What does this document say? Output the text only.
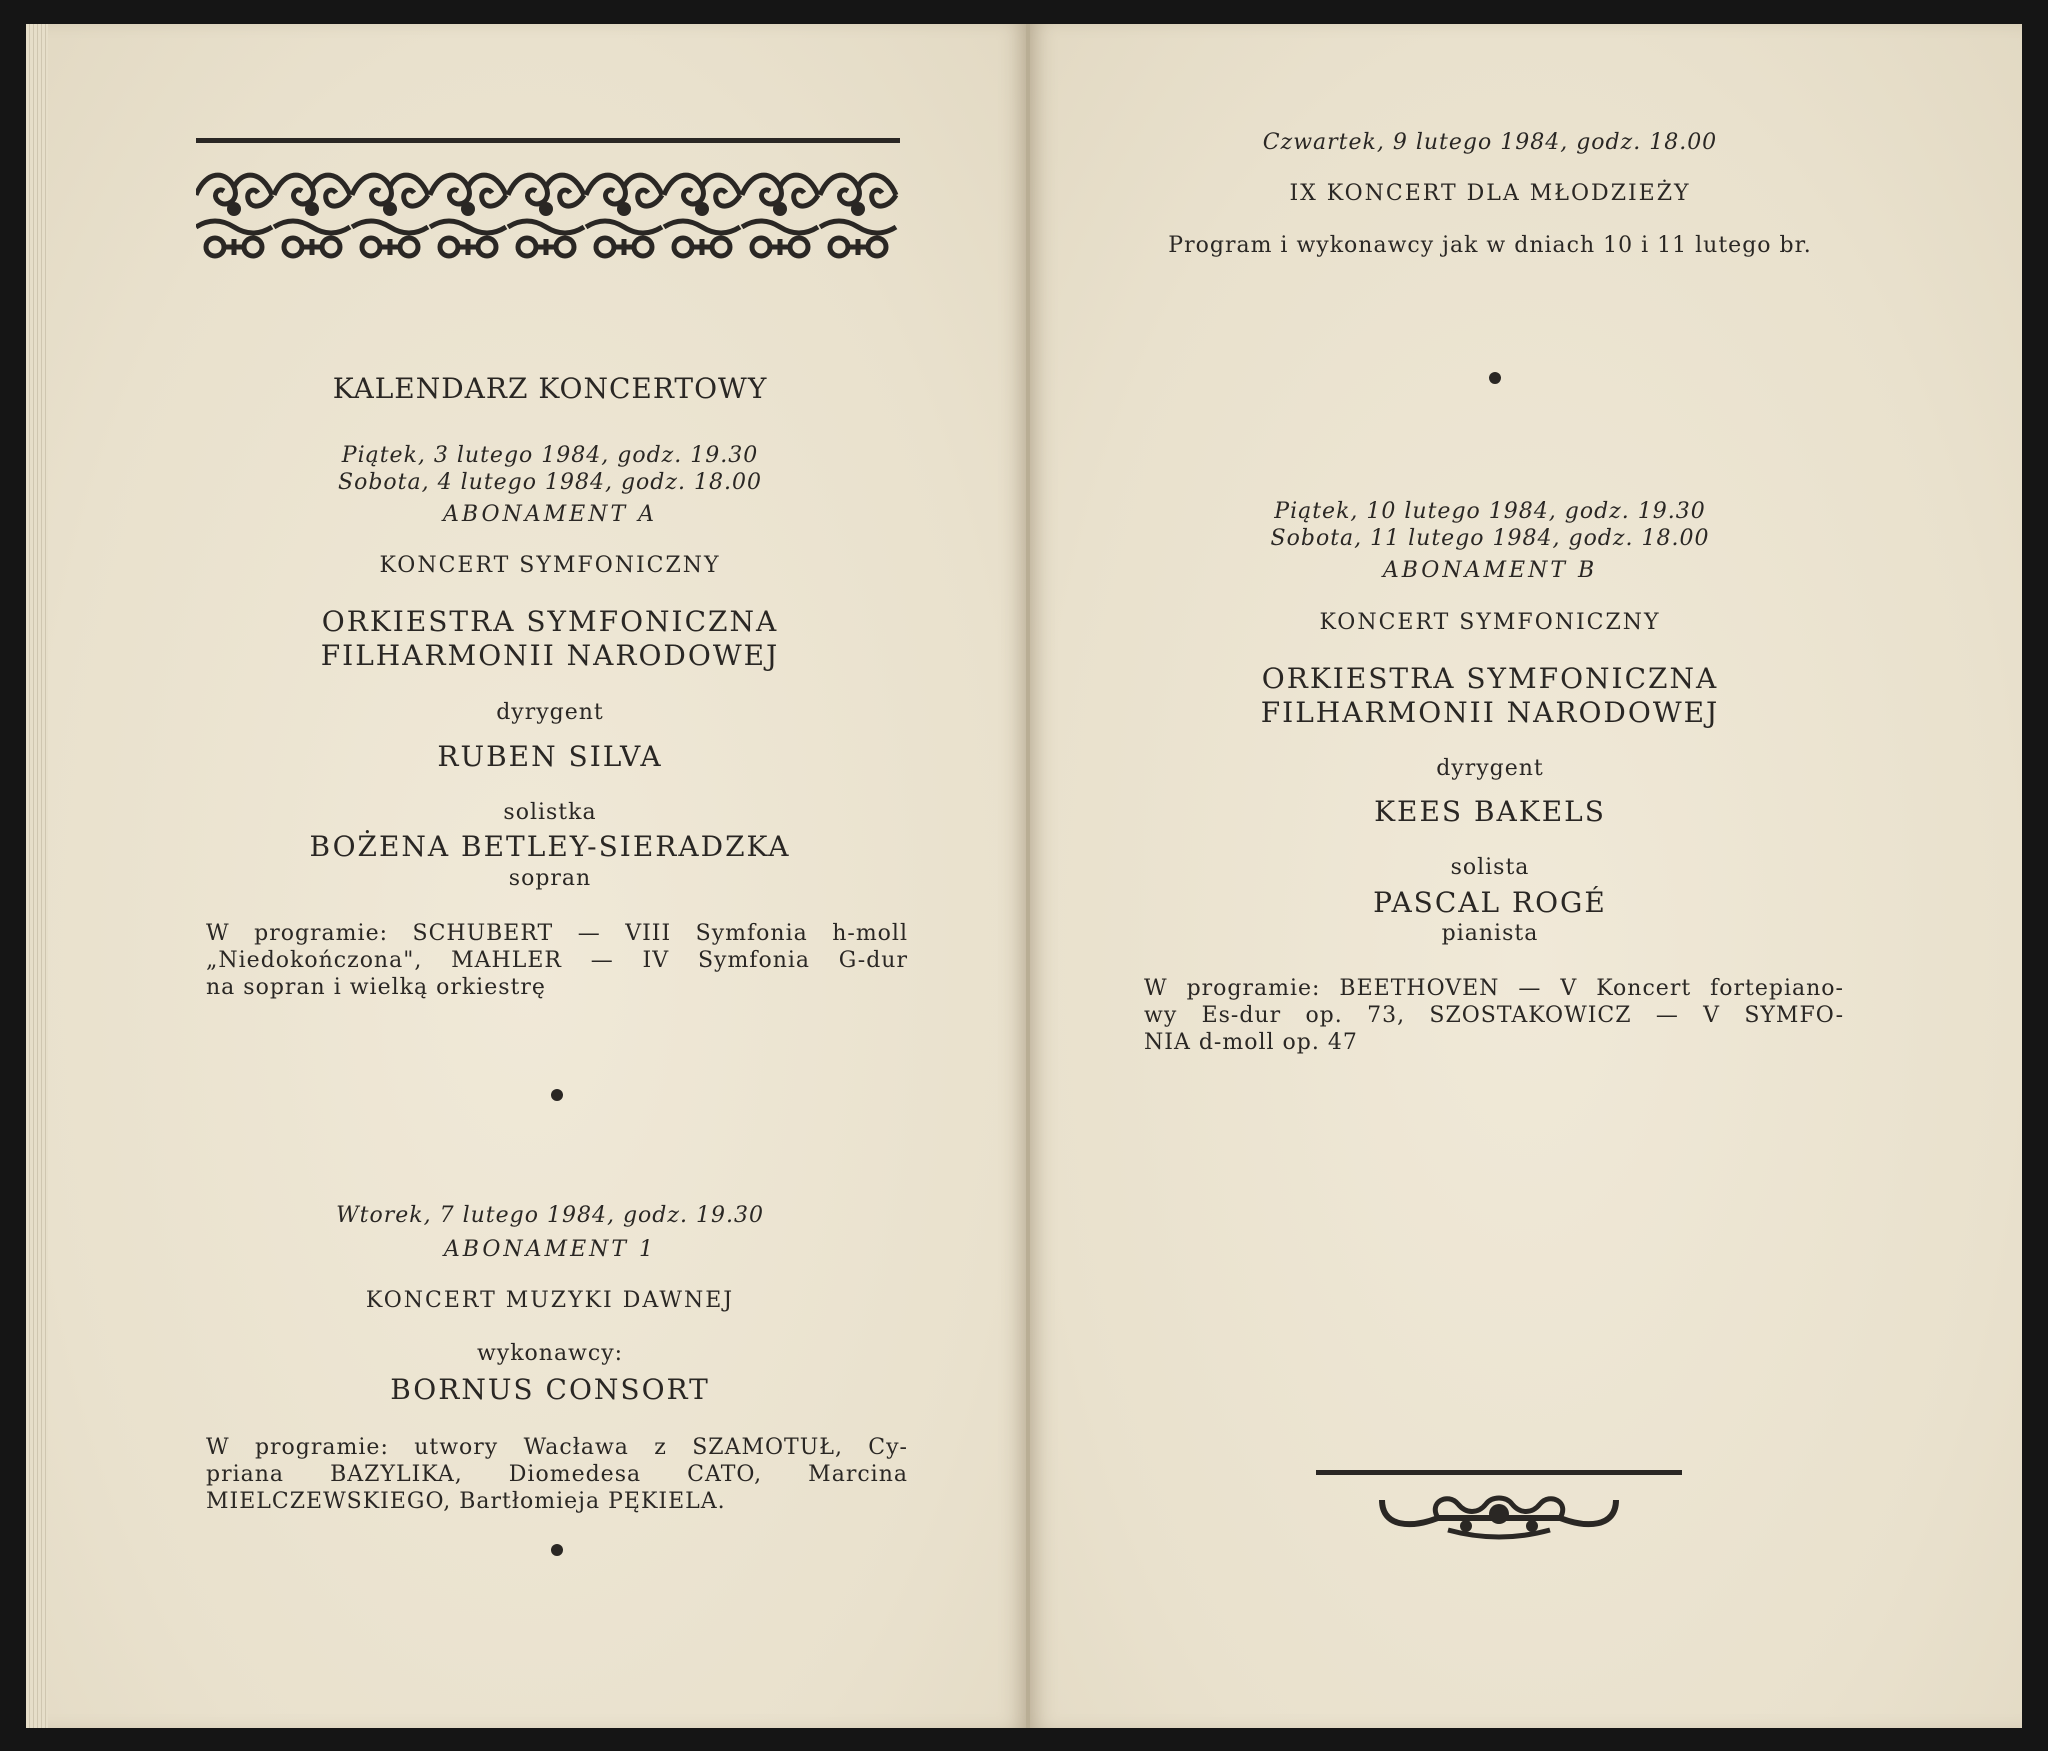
KALENDARZ KONCERTOWY
Piątek, 3 lutego 1984, godz. 19.30
Sobota, 4 lutego 1984, godz. 18.00
ABONAMENT A
KONCERT SYMFONICZNY
ORKIESTRA SYMFONICZNA
FILHARMONII NARODOWEJ
dyrygent
RUBEN SILVA
solistka
BOŻENA BETLEY-SIERADZKA
sopran
W programie: SCHUBERT — VIII Symfonia h-moll
„Niedokończona", MAHLER — IV Symfonia G-dur
na sopran i wielką orkiestrę
Wtorek, 7 lutego 1984, godz. 19.30
ABONAMENT 1
KONCERT MUZYKI DAWNEJ
wykonawcy:
BORNUS CONSORT
W programie: utwory Wacława z SZAMOTUŁ, Cy-
priana BAZYLIKA, Diomedesa CATO, Marcina
MIELCZEWSKIEGO, Bartłomieja PĘKIELA.
Czwartek, 9 lutego 1984, godz. 18.00
IX KONCERT DLA MŁODZIEŻY
Program i wykonawcy jak w dniach 10 i 11 lutego br.
Piątek, 10 lutego 1984, godz. 19.30
Sobota, 11 lutego 1984, godz. 18.00
ABONAMENT B
KONCERT SYMFONICZNY
ORKIESTRA SYMFONICZNA
FILHARMONII NARODOWEJ
dyrygent
KEES BAKELS
solista
PASCAL ROGÉ
pianista
W programie: BEETHOVEN — V Koncert fortepiano-
wy Es-dur op. 73, SZOSTAKOWICZ — V SYMFO-
NIA d-moll op. 47
